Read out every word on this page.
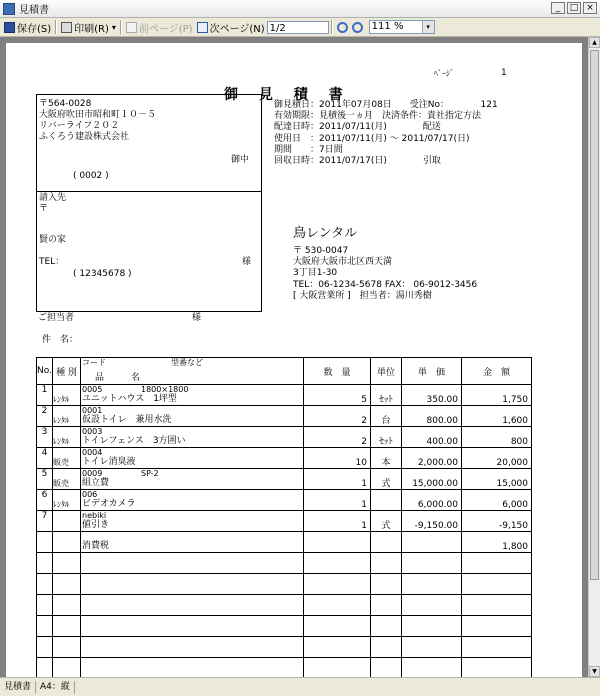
見積書	_	□ ×
保存(S) 印刷(R) ▾ 前ページ(P) 次ページ(N) 1/2	111 %	▾
御 見 積 書
ﾍﾟｰｼﾞ	1
〒564-0028
大阪府吹田市昭和町１０－５
リバーライフ２０２
ふくろう建設株式会社
御中
( 0002 )
請入先
〒
賢の家
TEL：	様
( 12345678 )
ご担当者	様
件　名：
御見積日：2011年07月08日　　受注No：　　　　121
有効期限：見積後一ヵ月　決済条件：貴社指定方法
配達日時：2011/07/11(月)　　　　配送
使用日　：2011/07/11(月) ～ 2011/07/17(日)
期間　　：7日間
回収日時：2011/07/17(日)　　　　引取
鳥レンタル
〒 530-0047
大阪府大阪市北区西天満
3丁目1-30
TEL：06-1234-5678 FAX： 06-9012-3456
[ 大阪営業所 ]　担当者：湯川秀樹
No.	種 別	コード 型番など
品　　　名	数　量	単位	単　価	金　額
1	ﾚﾝﾀﾙ	0005 1800×1800
ユニットハウス　1坪型	5	ｾｯﾄ	350.00	1,750
2	ﾚﾝﾀﾙ	0001
仮設トイレ　兼用水洗	2	台	800.00	1,600
3	ﾚﾝﾀﾙ	0003
トイレフェンス　3方囲い	2	ｾｯﾄ	400.00	800
4	販売	0004
トイレ消臭液	10	本	2,000.00	20,000
5	販売	0009 SP-2
組立費	1	式	15,000.00	15,000
6	ﾚﾝﾀﾙ	006
ビデオカメラ	1		6,000.00	6,000
7		nebiki
値引き	1	式	-9,150.00	-9,150

		消費税				1,800

▲
▼
見積書	A4：縦
